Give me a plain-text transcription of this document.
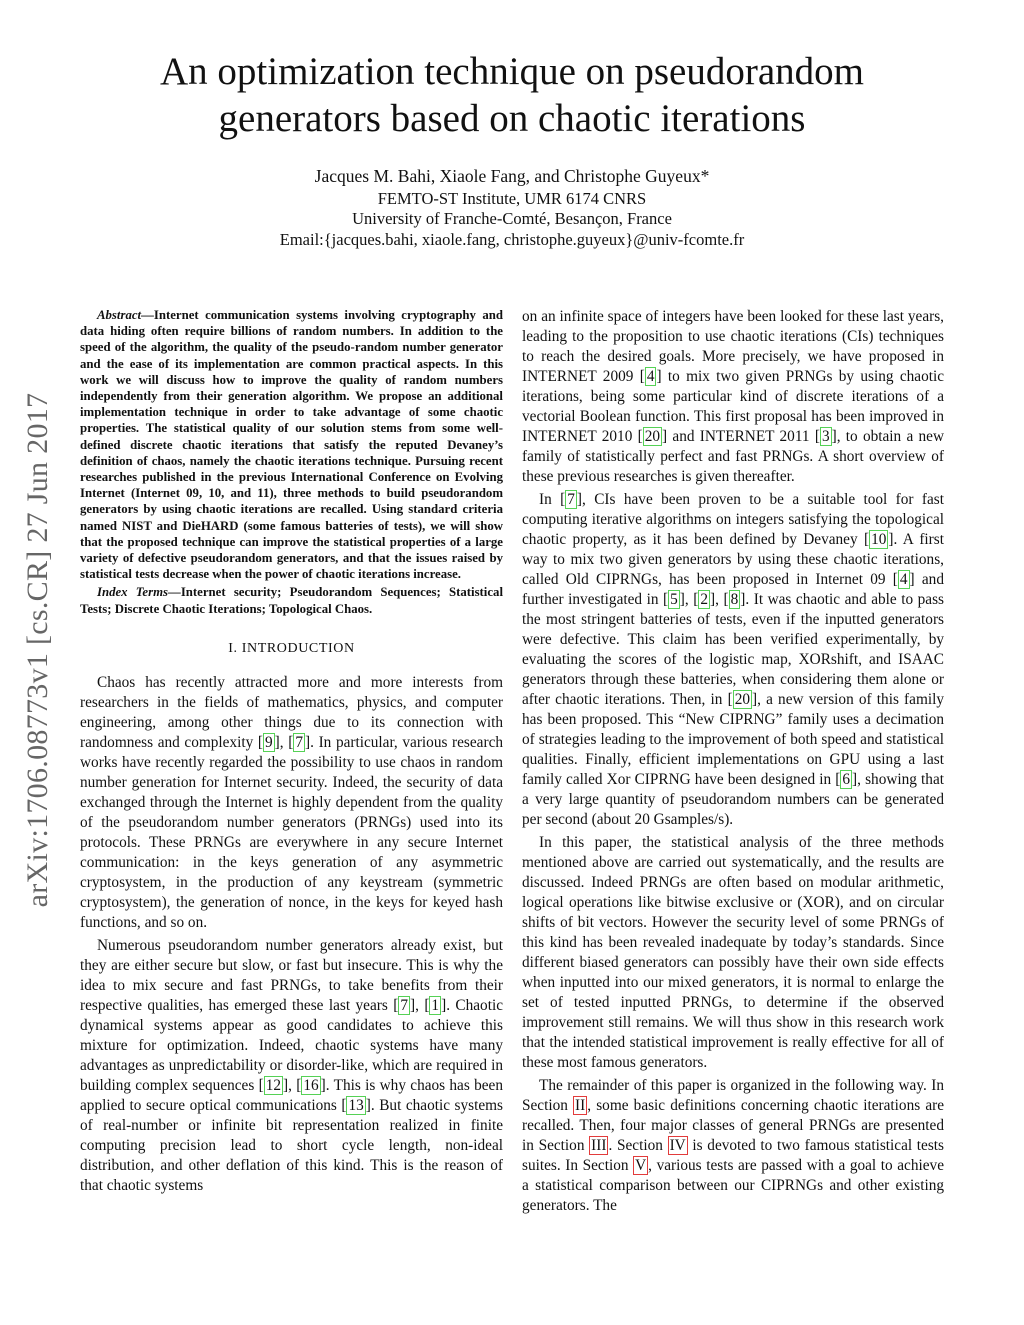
arXiv:1706.08773v1 [cs.CR] 27 Jun 2017
An optimization technique on pseudorandom
generators based on chaotic iterations
Jacques M. Bahi, Xiaole Fang, and Christophe Guyeux*
FEMTO-ST Institute, UMR 6174 CNRS
University of Franche-Comté, Besançon, France
Email:{jacques.bahi, xiaole.fang, christophe.guyeux}@univ-fcomte.fr

Abstract—Internet communication systems involving cryptography and data hiding often require billions of random numbers. In addition to the speed of the algorithm, the quality of the pseudo-random number generator and the ease of its implementation are common practical aspects. In this work we will discuss how to improve the quality of random numbers independently from their generation algorithm. We propose an additional implementation technique in order to take advantage of some chaotic properties. The statistical quality of our solution stems from some well-defined discrete chaotic iterations that satisfy the reputed Devaney’s definition of chaos, namely the chaotic iterations technique. Pursuing recent researches published in the previous International Conference on Evolving Internet (Internet 09, 10, and 11), three methods to build pseudorandom generators by using chaotic iterations are recalled. Using standard criteria named NIST and DieHARD (some famous batteries of tests), we will show that the proposed technique can improve the statistical properties of a large variety of defective pseudorandom generators, and that the issues raised by statistical tests decrease when the power of chaotic iterations increase.

Index Terms—Internet security; Pseudorandom Sequences; Statistical Tests; Discrete Chaotic Iterations; Topological Chaos.

I. INTRODUCTION

Chaos has recently attracted more and more interests from researchers in the fields of mathematics, physics, and computer engineering, among other things due to its connection with randomness and complexity [ 9 ], [ 7 ]. In particular, various research works have recently regarded the possibility to use chaos in random number generation for Internet security. Indeed, the security of data exchanged through the Internet is highly dependent from the quality of the pseudorandom number generators (PRNGs) used into its protocols. These PRNGs are everywhere in any secure Internet communication: in the keys generation of any asymmetric cryptosystem, in the production of any keystream (symmetric cryptosystem), the generation of nonce, in the keys for keyed hash functions, and so on.

Numerous pseudorandom number generators already exist, but they are either secure but slow, or fast but insecure. This is why the idea to mix secure and fast PRNGs, to take benefits from their respective qualities, has emerged these last years [ 7 ], [ 1 ]. Chaotic dynamical systems appear as good candidates to achieve this mixture for optimization. Indeed, chaotic systems have many advantages as unpredictability or disorder-like, which are required in building complex sequences [ 12 ], [ 16 ]. This is why chaos has been applied to secure optical communications [ 13 ]. But chaotic systems of real-number or infinite bit representation realized in finite computing precision lead to short cycle length, non-ideal distribution, and other deflation of this kind. This is the reason of that chaotic systems

on an infinite space of integers have been looked for these last years, leading to the proposition to use chaotic iterations (CIs) techniques to reach the desired goals. More precisely, we have proposed in INTERNET 2009 [ 4 ] to mix two given PRNGs by using chaotic iterations, being some particular kind of discrete iterations of a vectorial Boolean function. This first proposal has been improved in INTERNET 2010 [ 20 ] and INTERNET 2011 [ 3 ], to obtain a new family of statistically perfect and fast PRNGs. A short overview of these previous researches is given thereafter.

In [ 7 ], CIs have been proven to be a suitable tool for fast computing iterative algorithms on integers satisfying the topological chaotic property, as it has been defined by Devaney [ 10 ]. A first way to mix two given generators by using these chaotic iterations, called Old CIPRNGs, has been proposed in Internet 09 [ 4 ] and further investigated in [ 5 ], [ 2 ], [ 8 ]. It was chaotic and able to pass the most stringent batteries of tests, even if the inputted generators were defective. This claim has been verified experimentally, by evaluating the scores of the logistic map, XORshift, and ISAAC generators through these batteries, when considering them alone or after chaotic iterations. Then, in [ 20 ], a new version of this family has been proposed. This “New CIPRNG” family uses a decimation of strategies leading to the improvement of both speed and statistical qualities. Finally, efficient implementations on GPU using a last family called Xor CIPRNG have been designed in [ 6 ], showing that a very large quantity of pseudorandom numbers can be generated per second (about 20 Gsamples/s).

In this paper, the statistical analysis of the three methods mentioned above are carried out systematically, and the results are discussed. Indeed PRNGs are often based on modular arithmetic, logical operations like bitwise exclusive or (XOR), and on circular shifts of bit vectors. However the security level of some PRNGs of this kind has been revealed inadequate by today’s standards. Since different biased generators can possibly have their own side effects when inputted into our mixed generators, it is normal to enlarge the set of tested inputted PRNGs, to determine if the observed improvement still remains. We will thus show in this research work that the intended statistical improvement is really effective for all of these most famous generators.

The remainder of this paper is organized in the following way. In Section II , some basic definitions concerning chaotic iterations are recalled. Then, four major classes of general PRNGs are presented in Section III . Section IV is devoted to two famous statistical tests suites. In Section V , various tests are passed with a goal to achieve a statistical comparison between our CIPRNGs and other existing generators. The
